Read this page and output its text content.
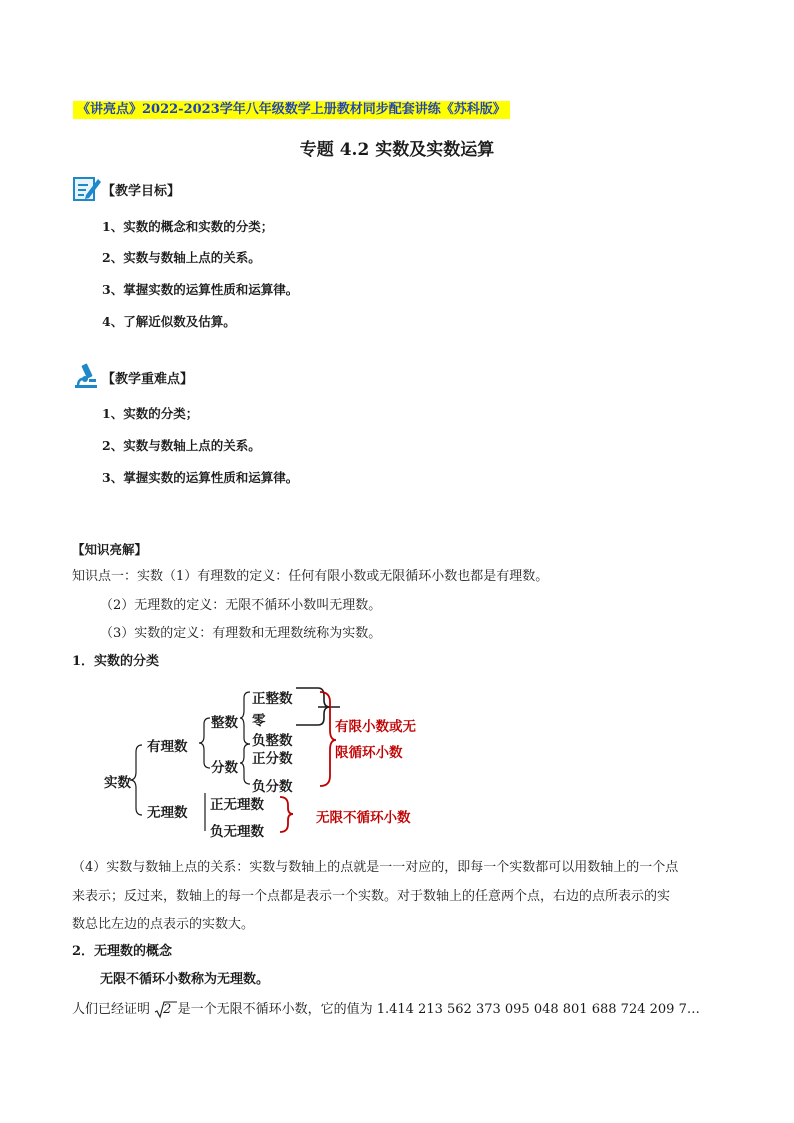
《讲亮点》2022-2023学年八年级数学上册教材同步配套讲练《苏科版》
专题 4.2 实数及实数运算
【教学目标】
1、实数的概念和实数的分类；
2、实数与数轴上点的关系。
3、掌握实数的运算性质和运算律。
4、了解近似数及估算。
【教学重难点】
1、实数的分类；
2、实数与数轴上点的关系。
3、掌握实数的运算性质和运算律。
【知识亮解】
知识点一：实数（1）有理数的定义：任何有限小数或无限循环小数也都是有理数。
（2）无理数的定义：无限不循环小数叫无理数。
（3）实数的定义：有理数和无理数统称为实数。
1．实数的分类
实数
有理数
无理数
整数
分数
正整数
零
负整数
正分数
负分数
正无理数
负无理数
有限小数或无
限循环小数
无限不循环小数
（4）实数与数轴上点的关系：实数与数轴上的点就是一一对应的，即每一个实数都可以用数轴上的一个点
来表示；反过来，数轴上的每一个点都是表示一个实数。对于数轴上的任意两个点，右边的点所表示的实
数总比左边的点表示的实数大。
2．无理数的概念
无限不循环小数称为无理数。
人们已经证明 2 是一个无限不循环小数，它的值为 1.414 213 562 373 095 048 801 688 724 209 7…
